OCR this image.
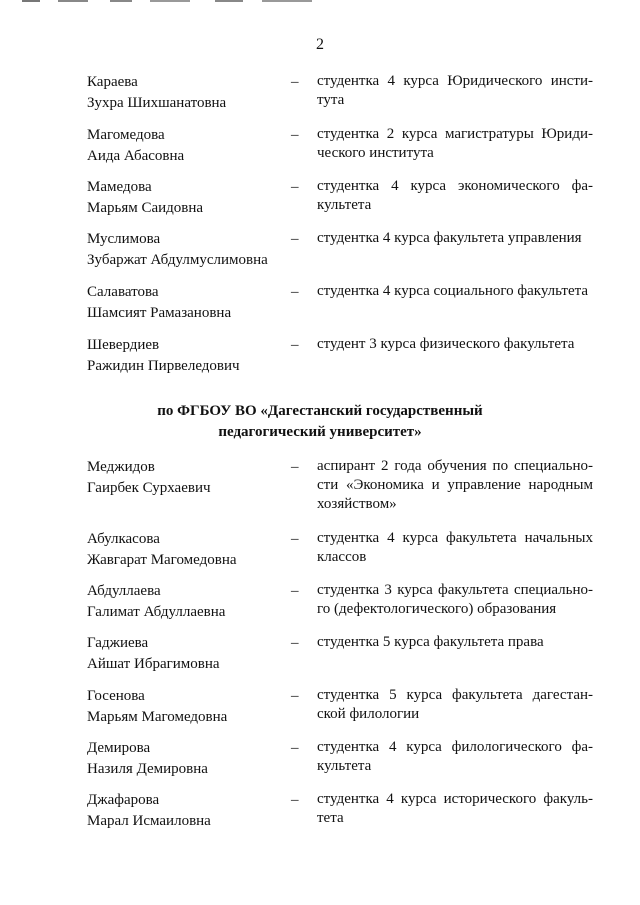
2
Караева
Зухра Шихшанатовна
– студентка 4 курса Юридического инсти-
тута
Магомедова
Аида Абасовна
– студентка 2 курса магистратуры Юриди-
ческого института
Мамедова
Марьям Саидовна
– студентка 4 курса экономического фа-
культета
Муслимова
Зубаржат Абдулмуслимовна
– студентка 4 курса факультета управления
Салаватова
Шамсият Рамазановна
– студентка 4 курса социального факультета
Шевердиев
Ражидин Пирвеледович
– студент 3 курса физического факультета
по ФГБОУ ВО «Дагестанский государственный
педагогический университет»
Меджидов
Гаирбек Сурхаевич
– аспирант 2 года обучения по специально-
сти «Экономика и управление народным
хозяйством»
Абулкасова
Жавгарат Магомедовна
– студентка 4 курса факультета начальных
классов
Абдуллаева
Галимат Абдуллаевна
– студентка 3 курса факультета специально-
го (дефектологического) образования
Гаджиева
Айшат Ибрагимовна
– студентка 5 курса факультета права
Госенова
Марьям Магомедовна
– студентка 5 курса факультета дагестан-
ской филологии
Демирова
Назиля Демировна
– студентка 4 курса филологического фа-
культета
Джафарова
Марал Исмаиловна
– студентка 4 курса исторического факуль-
тета
